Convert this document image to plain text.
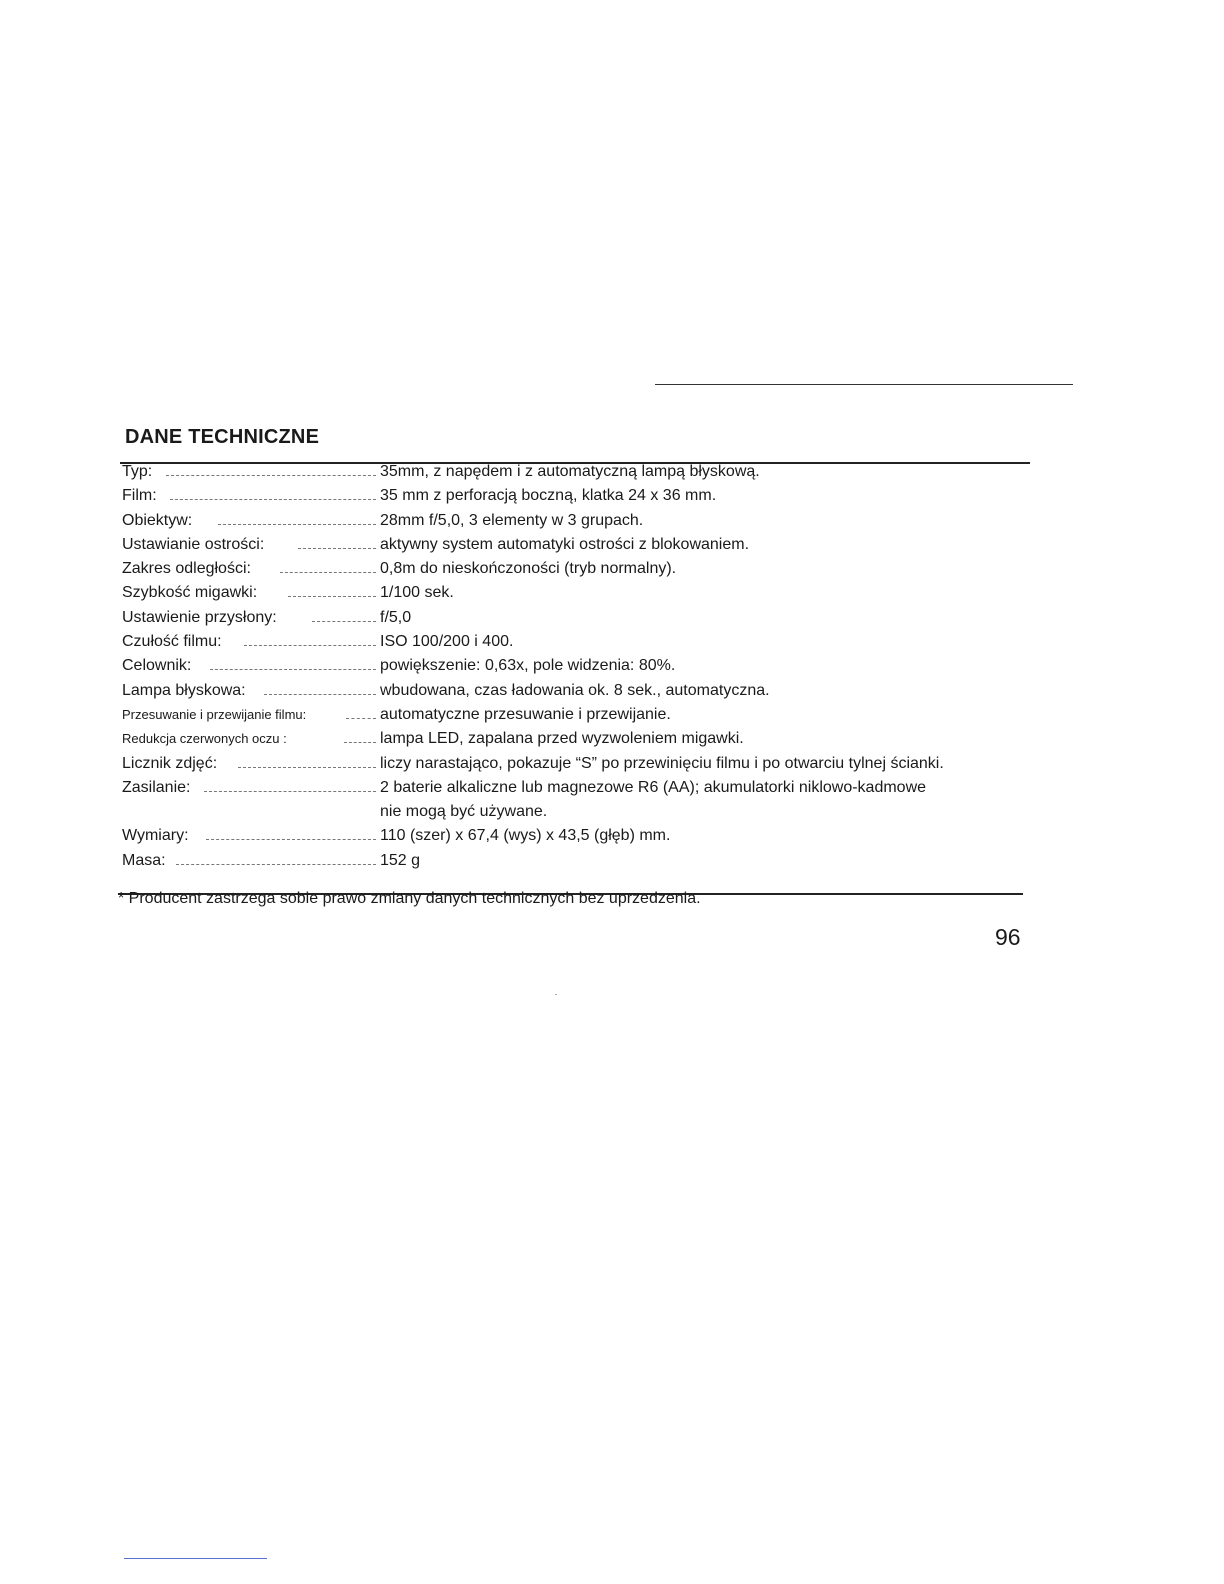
DANE TECHNICZNE
Typ:	35mm, z napędem i z automatyczną lampą błyskową.
Film:	35 mm z perforacją boczną, klatka 24 x 36 mm.
Obiektyw:	28mm f/5,0, 3 elementy w 3 grupach.
Ustawianie ostrości:	aktywny system automatyki ostrości z blokowaniem.
Zakres odległości:	0,8m do nieskończoności (tryb normalny).
Szybkość migawki:	1/100 sek.
Ustawienie przysłony:	f/5,0
Czułość filmu:	ISO 100/200 i 400.
Celownik:	powiększenie: 0,63x, pole widzenia: 80%.
Lampa błyskowa:	wbudowana, czas ładowania ok. 8 sek., automatyczna.
Przesuwanie i przewijanie filmu:	automatyczne przesuwanie i przewijanie.
Redukcja czerwonych oczu :	lampa LED, zapalana przed wyzwoleniem migawki.
Licznik zdjęć:	liczy narastająco, pokazuje “S” po przewinięciu filmu i po otwarciu tylnej ścianki.
Zasilanie:	2 baterie alkaliczne lub magnezowe R6 (AA); akumulatorki niklowo-kadmowe
nie mogą być używane.
Wymiary:	110 (szer) x 67,4 (wys) x 43,5 (głęb) mm.
Masa:	152 g
* Producent zastrzega sobie prawo zmiany danych technicznych bez uprzedzenia.
96
